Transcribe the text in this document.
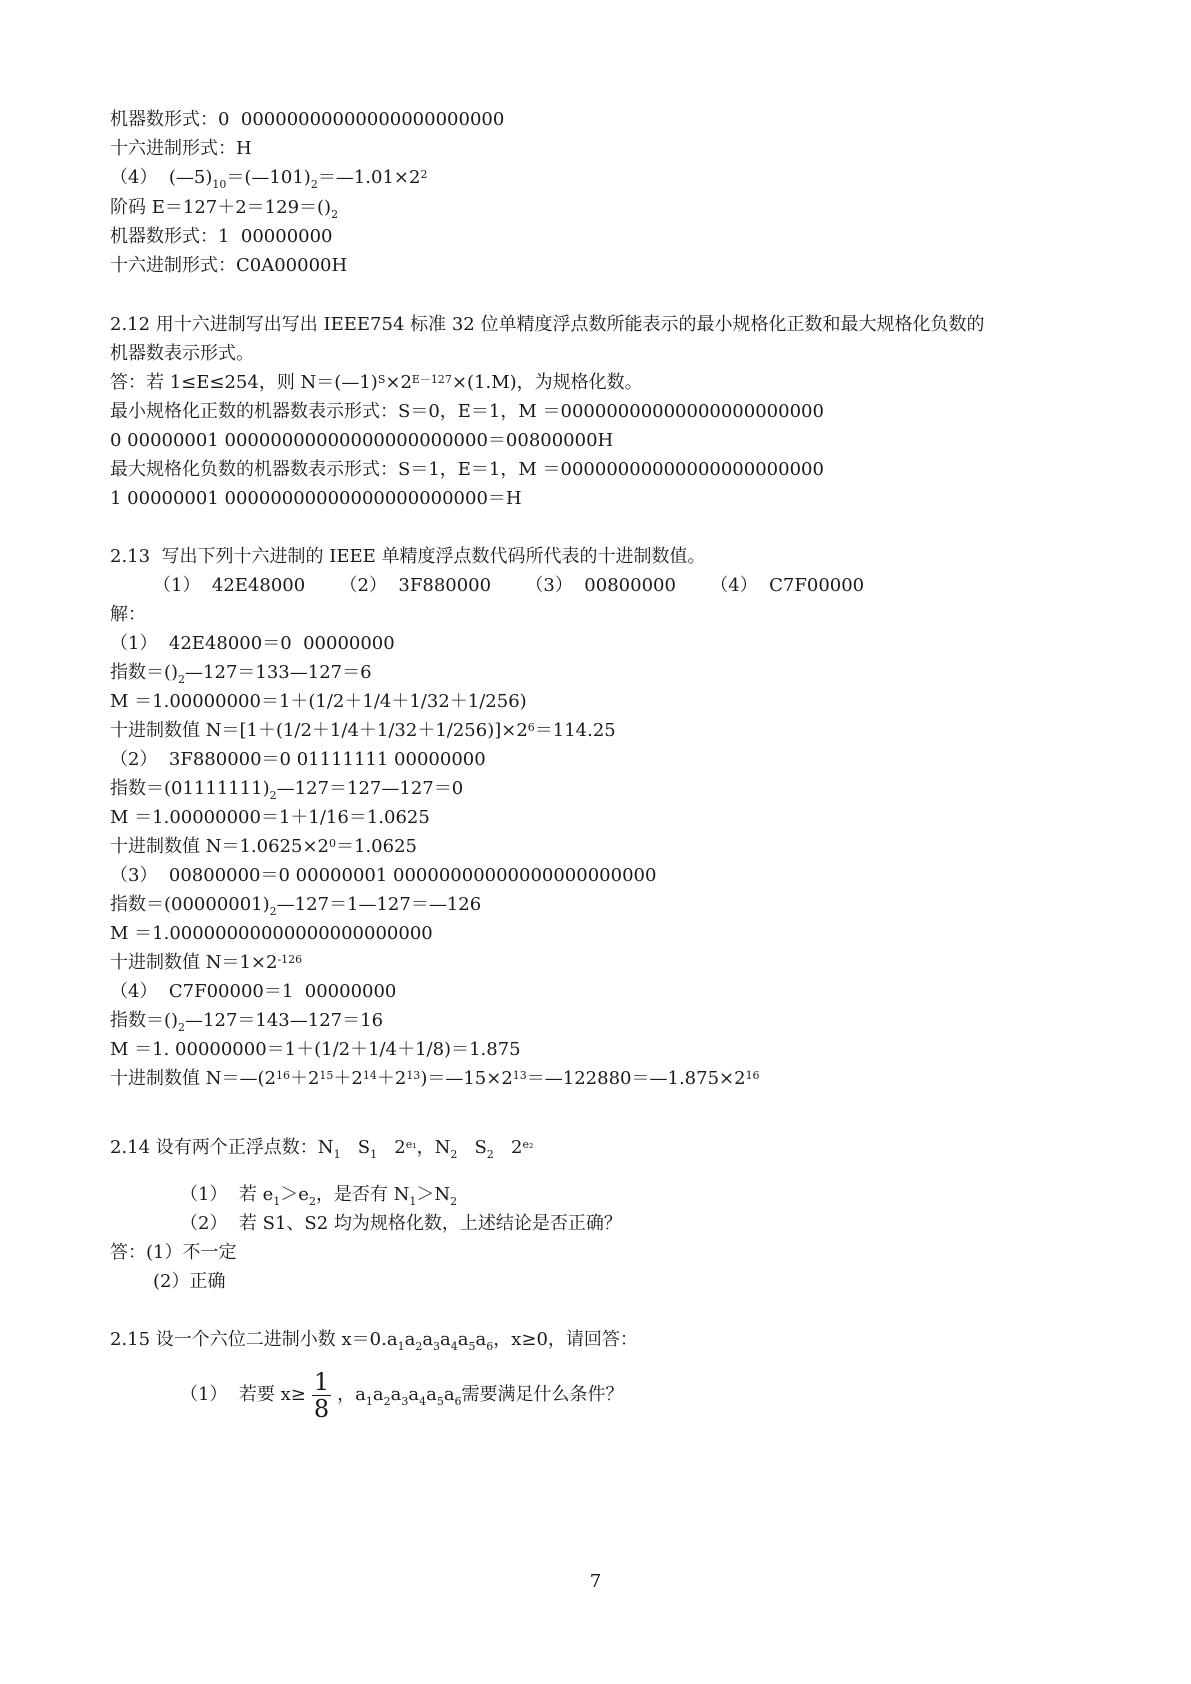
机器数形式：0  00000000000000000000000
十六进制形式：H
（4）  $(—5)_{10}=(—101)_2=—1.01\times 2^2$
阶码 $E=127+2=129=()_2$
机器数形式：1  00000000
十六进制形式：C0A00000H
2.12 用十六进制写出写出 IEEE754 标准 32 位单精度浮点数所能表示的最小规格化正数和最大规格化负数的
机器数表示形式。
答：若 1≤E≤254，则 $N=(—1)^S\times 2^{E-127}\times(1.M)$，为规格化数。
最小规格化正数的机器数表示形式：S＝0，E＝1，M ＝00000000000000000000000
0 00000001 00000000000000000000000＝00800000H
最大规格化负数的机器数表示形式：S＝1，E＝1，M ＝00000000000000000000000
1 00000001 00000000000000000000000＝H
2.13  写出下列十六进制的 IEEE 单精度浮点数代码所代表的十进制数值。
（1）  42E48000      （2）  3F880000      （3）  00800000      （4）  C7F00000
解：
（1）  42E48000＝0  00000000
指数$=()_2—127=133—127=6$
M ＝1.00000000＝1＋(1/2＋1/4＋1/32＋1/256)
十进制数值 $N=[1+(1/2+1/4+1/32+1/256)]\times 2^6=114.25$
（2）  3F880000＝0 01111111 00000000
指数$=(01111111)_2—127=127—127=0$
M ＝1.00000000＝1＋1/16＝1.0625
十进制数值 $N=1.0625\times 2^0=1.0625$
（3）  00800000＝0 00000001 00000000000000000000000
指数$=(00000001)_2—127=1—127=—126$
M ＝1.00000000000000000000000
十进制数值 $N=1\times 2^{-126}$
（4）  C7F00000＝1  00000000
指数$=()_2—127=143—127=16$
M ＝1. 00000000＝1＋(1/2＋1/4＋1/8)＝1.875
十进制数值 $N=—(2^{16}+2^{15}+2^{14}+2^{13})=—15\times 2^{13}=—122880=—1.875\times 2^{16}$
2.14 设有两个正浮点数：$N_1$   $S_1$   $2^{e_1}$，$N_2$   $S_2$   $2^{e_2}$
（1）  若 $e_1>e_2$，是否有 $N_1>N_2$
（2）  若 S1、S2 均为规格化数，上述结论是否正确？
答：(1）不一定
(2）正确
2.15 设一个六位二进制小数 $x=0.a_1a_2a_3a_4a_5a_6$，x≥0，请回答：
（1）  若要 $x\ge \frac{1}{8}$ ，$a_1a_2a_3a_4a_5a_6$需要满足什么条件？
7
